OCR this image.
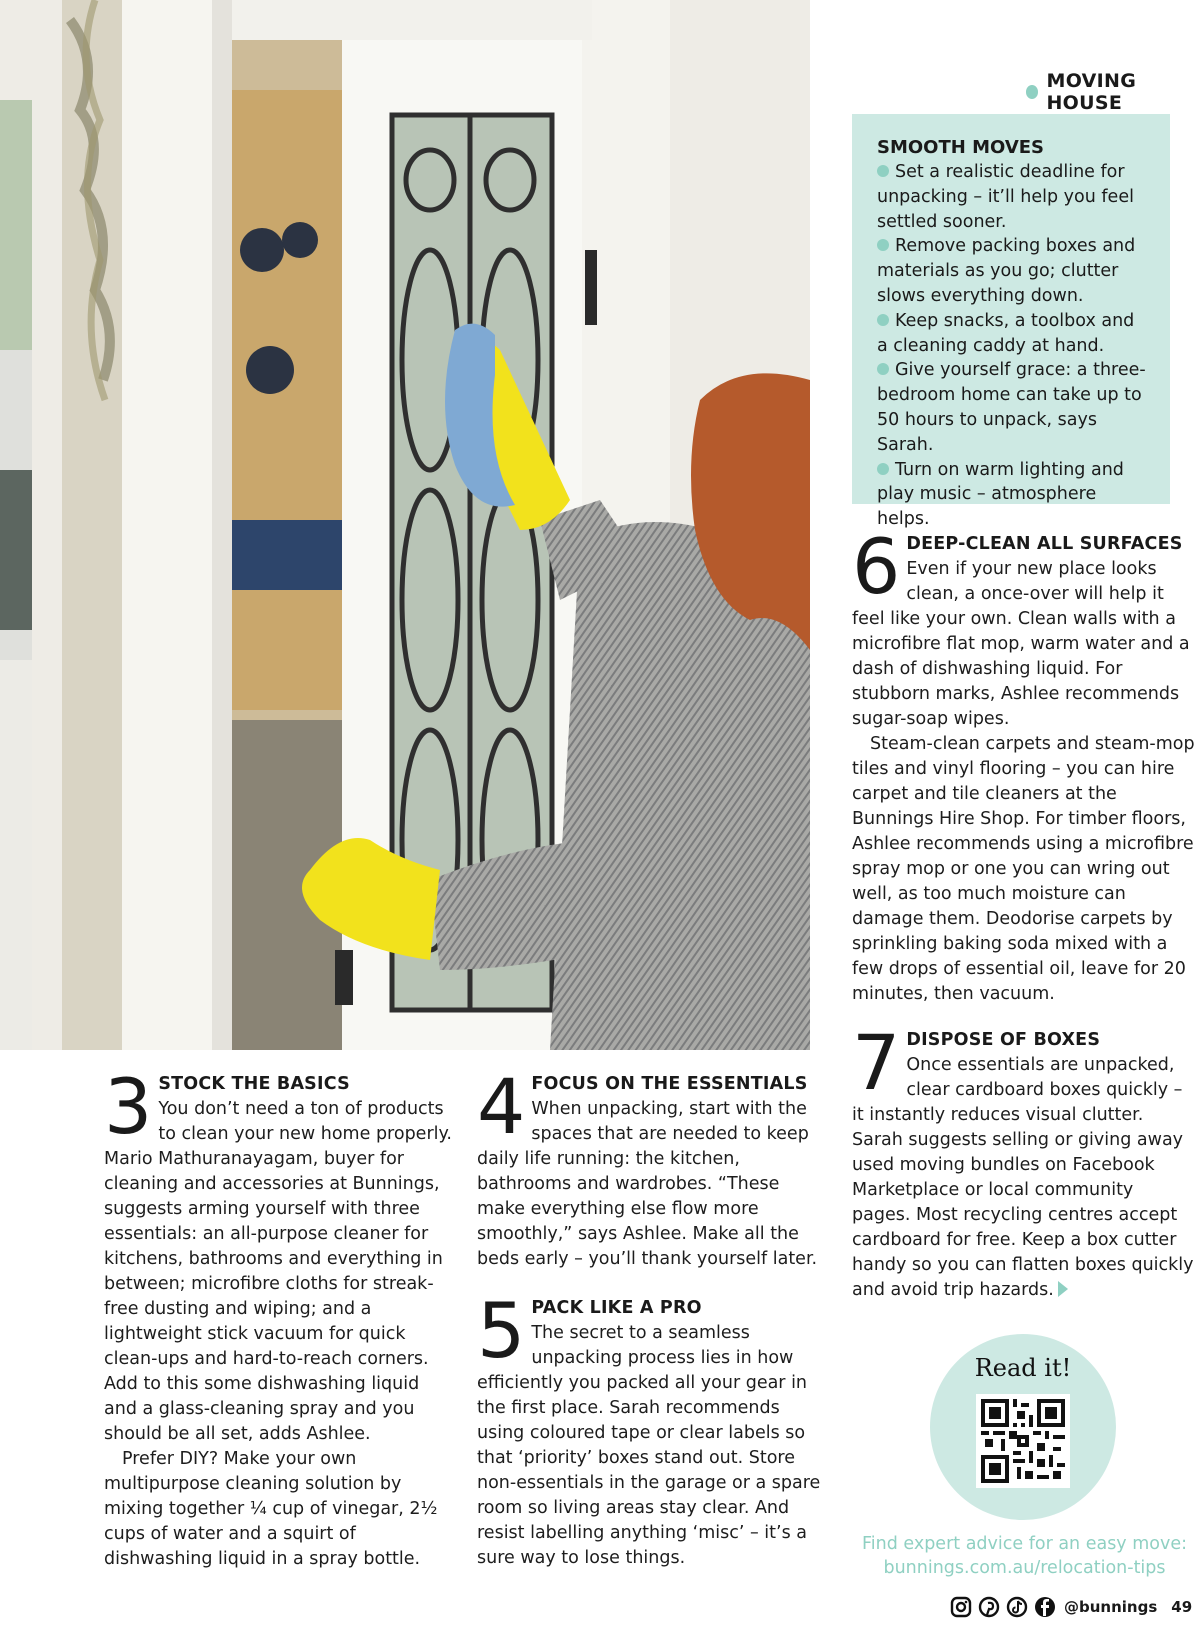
MOVING HOUSE
SMOOTH MOVES
Set a realistic deadline for unpacking – it’ll help you feel settled sooner.
Remove packing boxes and materials as you go; clutter slows everything down.
Keep snacks, a toolbox and a cleaning caddy at hand.
Give yourself grace: a three-bedroom home can take up to 50 hours to unpack, says Sarah.
Turn on warm lighting and play music – atmosphere helps.
6 DEEP-CLEAN ALL SURFACES

Even if your new place looks clean, a once-over will help it feel like your own. Clean walls with a microfibre flat mop, warm water and a dash of dishwashing liquid. For stubborn marks, Ashlee recommends sugar-soap wipes.

Steam-clean carpets and steam-mop tiles and vinyl flooring – you can hire carpet and tile cleaners at the Bunnings Hire Shop. For timber floors, Ashlee recommends using a microfibre spray mop or one you can wring out well, as too much moisture can damage them. Deodorise carpets by sprinkling baking soda mixed with a few drops of essential oil, leave for 20 minutes, then vacuum.

7 DISPOSE OF BOXES

Once essentials are unpacked, clear cardboard boxes quickly – it instantly reduces visual clutter. Sarah suggests selling or giving away used moving bundles on Facebook Marketplace or local community pages. Most recycling centres accept cardboard for free. Keep a box cutter handy so you can flatten boxes quickly and avoid trip hazards.

3 STOCK THE BASICS

You don’t need a ton of products to clean your new home properly. Mario Mathuranayagam, buyer for cleaning and accessories at Bunnings, suggests arming yourself with three essentials: an all-purpose cleaner for kitchens, bathrooms and everything in between; microfibre cloths for streak-free dusting and wiping; and a lightweight stick vacuum for quick clean-ups and hard-to-reach corners. Add to this some dishwashing liquid and a glass-cleaning spray and you should be all set, adds Ashlee.

Prefer DIY? Make your own multipurpose cleaning solution by mixing together ¼ cup of vinegar, 2½ cups of water and a squirt of dishwashing liquid in a spray bottle.

4 FOCUS ON THE ESSENTIALS

When unpacking, start with the spaces that are needed to keep daily life running: the kitchen, bathrooms and wardrobes. “These make everything else flow more smoothly,” says Ashlee. Make all the beds early – you’ll thank yourself later.

5 PACK LIKE A PRO

The secret to a seamless unpacking process lies in how efficiently you packed all your gear in the first place. Sarah recommends using coloured tape or clear labels so that ‘priority’ boxes stand out. Store non-essentials in the garage or a spare room so living areas stay clear. And resist labelling anything ‘misc’ – it’s a sure way to lose things.

Read it!
Find expert advice for an easy move:
bunnings.com.au/relocation-tips
@bunnings 49
